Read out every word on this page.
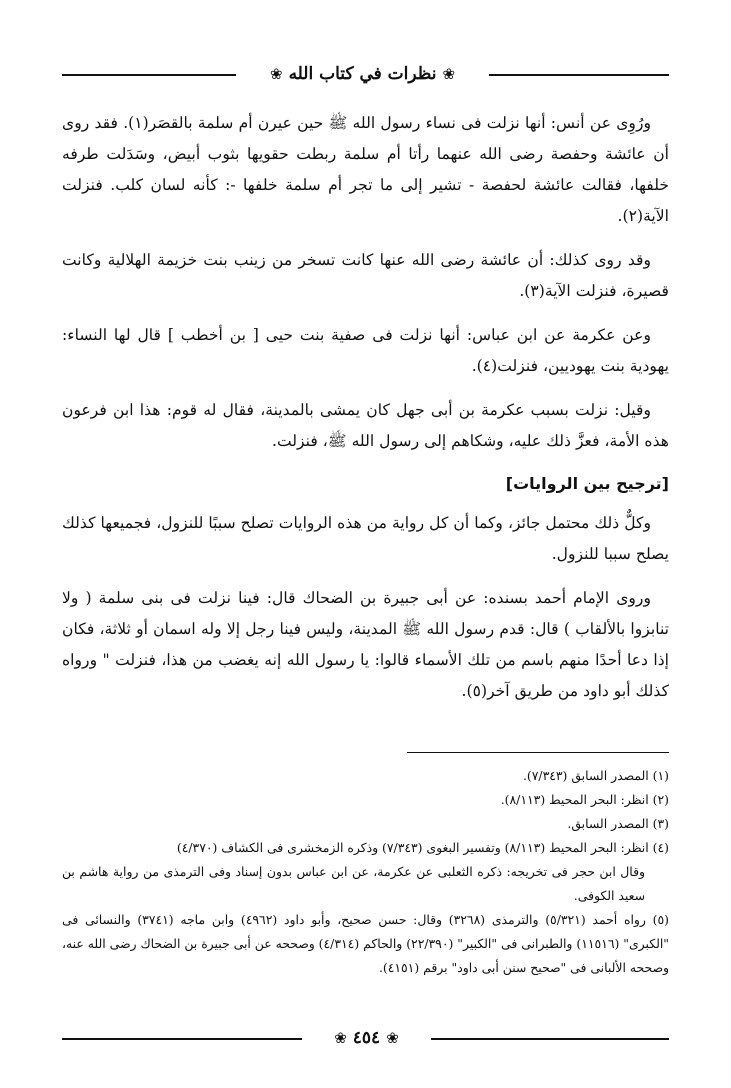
❀
نظرات في كتاب الله
❀

ورُوِى عن أنس: أنها نزلت فى نساء رسول الله ﷺ حين عيرن أم سلمة بالقصَر(١). فقد روى أن عائشة وحفصة رضى الله عنهما رأتا أم سلمة ربطت حقويها بثوب أبيض، وسَدَلت طرفه خلفها، فقالت عائشة لحفصة - تشير إلى ما تجر أم سلمة خلفها -: كأنه لسان كلب. فنزلت الآية(٢).

وقد روى كذلك: أن عائشة رضى الله عنها كانت تسخر من زينب بنت خزيمة الهلالية وكانت قصيرة، فنزلت الآية(٣).

وعن عكرمة عن ابن عباس: أنها نزلت فى صفية بنت حيى [ بن أخطب ] قال لها النساء: يهودية بنت يهوديين، فنزلت(٤).

وقيل: نزلت بسبب عكرمة بن أبى جهل كان يمشى بالمدينة، فقال له قوم: هذا ابن فرعون هذه الأمة، فعزَّ ذلك عليه، وشكاهم إلى رسول الله ﷺ، فنزلت.

[ترجيح بين الروايات]

وكلٌّ ذلك محتمل جائز، وكما أن كل رواية من هذه الروايات تصلح سببًا للنزول، فجميعها كذلك يصلح سببا للنزول.

وروى الإمام أحمد بسنده: عن أبى جبيرة بن الضحاك قال: فينا نزلت فى بنى سلمة ( ولا تنابزوا بالألقاب ) قال: قدم رسول الله ﷺ المدينة، وليس فينا رجل إلا وله اسمان أو ثلاثة، فكان إذا دعا أحدًا منهم باسم من تلك الأسماء قالوا: يا رسول الله إنه يغضب من هذا، فنزلت " ورواه كذلك أبو داود من طريق آخر(٥).

(١) المصدر السابق (٧/٣٤٣).

(٢) انظر: البحر المحيط (٨/١١٣).

(٣) المصدر السابق.

(٤) انظر: البحر المحيط (٨/١١٣) وتفسير البغوى (٧/٣٤٣) وذكره الزمخشرى فى الكشاف (٤/٣٧٠)
وقال ابن حجر فى تخريجه: ذكره الثعلبى عن عكرمة، عن ابن عباس بدون إسناد وفى الترمذى من رواية هاشم بن سعيد الكوفى.

(٥) رواه أحمد (٥/٣٢١) والترمذى (٣٢٦٨) وقال: حسن صحيح، وأبو داود (٤٩٦٢) وابن ماجه (٣٧٤١) والنسائى فى "الكبرى" (١١٥١٦) والطبرانى فى "الكبير" (٢٢/٣٩٠) والحاكم (٤/٣١٤) وصححه عن أبى جبيرة بن الضحاك رضى الله عنه، وصححه الألبانى فى "صحيح سنن أبى داود" برقم (٤١٥١).

❀
٤٥٤
❀
